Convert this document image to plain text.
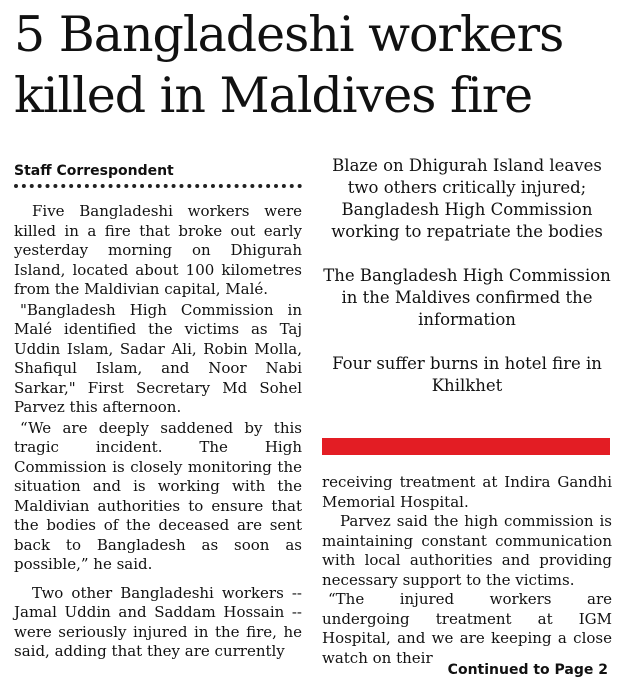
5 Bangladeshi workers
killed in Maldives fire
Staff Correspondent

Five Bangladeshi workers were killed in a fire that broke out early yesterday morning on Dhigurah Island, located about 100 kilometres from the Maldivian capital, Malé.

"Bangladesh High Commission in Malé identified the victims as Taj Uddin Islam, Sadar Ali, Robin Molla, Shafiqul Islam, and Noor Nabi Sarkar," First Secretary Md Sohel Parvez this afternoon.

“We are deeply saddened by this tragic incident. The High Commission is closely monitoring the situation and is working with the Maldivian authorities to ensure that the bodies of the deceased are sent back to Bangladesh as soon as possible,” he said.

Two other Bangladeshi workers -- Jamal Uddin and Saddam Hossain -- were seriously injured in the fire, he said, adding that they are currently

Blaze on Dhigurah Island leaves two others critically injured; Bangladesh High Commission working to repatriate the bodies

The Bangladesh High Commission in the Maldives confirmed the information

Four suffer burns in hotel fire in Khilkhet

receiving treatment at Indira Gandhi Memorial Hospital.

Parvez said the high commission is maintaining constant communication with local authorities and providing necessary support to the victims.

“The injured workers are undergoing treatment at IGM Hospital, and we are keeping a close watch on their

Continued to Page 2
